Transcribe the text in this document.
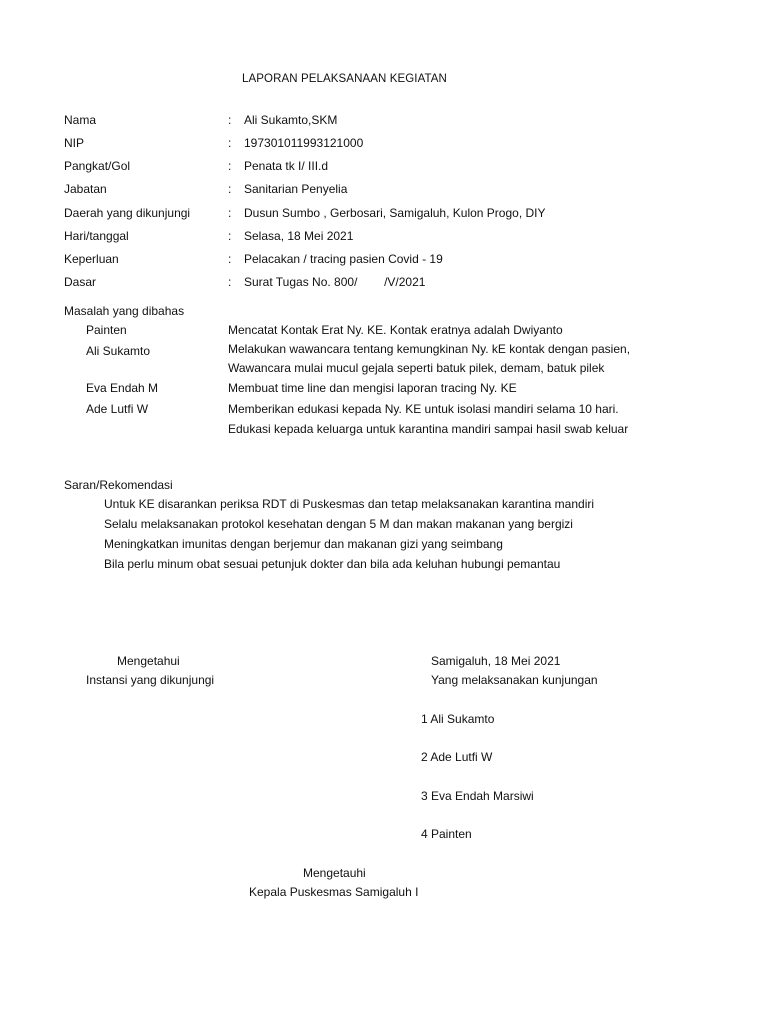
LAPORAN PELAKSANAAN KEGIATAN
Nama	: Ali Sukamto,SKM
NIP	: 197301011993121000
Pangkat/Gol	: Penata tk I/ III.d
Jabatan	: Sanitarian Penyelia
Daerah yang dikunjungi	: Dusun Sumbo , Gerbosari, Samigaluh, Kulon Progo, DIY
Hari/tanggal	: Selasa, 18 Mei 2021
Keperluan	: Pelacakan / tracing pasien Covid - 19
Dasar	: Surat Tugas No. 800/        /V/2021
Masalah yang dibahas
Painten	Mencatat Kontak Erat Ny. KE. Kontak eratnya adalah Dwiyanto
Ali Sukamto	Melakukan wawancara tentang kemungkinan Ny. kE kontak dengan pasien,
Wawancara mulai mucul gejala seperti batuk pilek, demam, batuk pilek
Eva Endah M	Membuat time line dan mengisi laporan tracing Ny. KE
Ade Lutfi W	Memberikan edukasi kepada Ny. KE untuk isolasi mandiri selama 10 hari.
Edukasi kepada keluarga untuk karantina mandiri sampai hasil swab keluar
Saran/Rekomendasi
Untuk KE disarankan periksa RDT di Puskesmas dan tetap melaksanakan karantina mandiri
Selalu melaksanakan protokol kesehatan dengan 5 M dan makan makanan yang bergizi
Meningkatkan imunitas dengan berjemur dan makanan gizi yang seimbang
Bila perlu minum obat sesuai petunjuk dokter dan bila ada keluhan hubungi pemantau
Mengetahui
Instansi yang dikunjungi
Samigaluh, 18 Mei 2021
Yang melaksanakan kunjungan
1 Ali Sukamto
2 Ade Lutfi W
3 Eva Endah Marsiwi
4 Painten
Mengetauhi
Kepala Puskesmas Samigaluh I
